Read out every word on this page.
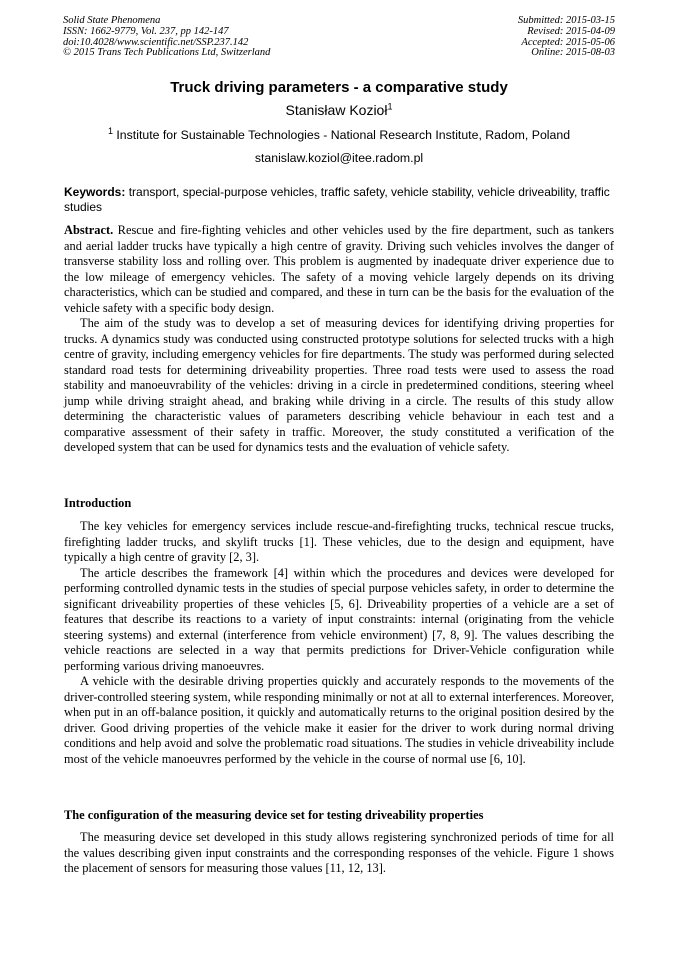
Solid State Phenomena
ISSN: 1662-9779, Vol. 237, pp 142-147
doi:10.4028/www.scientific.net/SSP.237.142
© 2015 Trans Tech Publications Ltd, Switzerland
Submitted: 2015-03-15
Revised: 2015-04-09
Accepted: 2015-05-06
Online: 2015-08-03
Truck driving parameters - a comparative study
Stanisław Kozioł$^1$
$^1$ Institute for Sustainable Technologies - National Research Institute, Radom, Poland
stanislaw.koziol@itee.radom.pl
Keywords: transport, special-purpose vehicles, traffic safety, vehicle stability, vehicle driveability, traffic studies

Abstract. Rescue and fire-fighting vehicles and other vehicles used by the fire department, such as tankers and aerial ladder trucks have typically a high centre of gravity. Driving such vehicles involves the danger of transverse stability loss and rolling over. This problem is augmented by inadequate driver experience due to the low mileage of emergency vehicles. The safety of a moving vehicle largely depends on its driving characteristics, which can be studied and compared, and these in turn can be the basis for the evaluation of the vehicle safety with a specific body design.

The aim of the study was to develop a set of measuring devices for identifying driving properties for trucks. A dynamics study was conducted using constructed prototype solutions for selected trucks with a high centre of gravity, including emergency vehicles for fire departments. The study was performed during selected standard road tests for determining driveability properties. Three road tests were used to assess the road stability and manoeuvrability of the vehicles: driving in a circle in predetermined conditions, steering wheel jump while driving straight ahead, and braking while driving in a circle. The results of this study allow determining the characteristic values of parameters describing vehicle behaviour in each test and a comparative assessment of their safety in traffic. Moreover, the study constituted a verification of the developed system that can be used for dynamics tests and the evaluation of vehicle safety.

Introduction

The key vehicles for emergency services include rescue-and-firefighting trucks, technical rescue trucks, firefighting ladder trucks, and skylift trucks [1]. These vehicles, due to the design and equipment, have typically a high centre of gravity [2, 3].

The article describes the framework [4] within which the procedures and devices were developed for performing controlled dynamic tests in the studies of special purpose vehicles safety, in order to determine the significant driveability properties of these vehicles [5, 6]. Driveability properties of a vehicle are a set of features that describe its reactions to a variety of input constraints: internal (originating from the vehicle steering systems) and external (interference from vehicle environment) [7, 8, 9]. The values describing the vehicle reactions are selected in a way that permits predictions for Driver-Vehicle configuration while performing various driving manoeuvres.

A vehicle with the desirable driving properties quickly and accurately responds to the movements of the driver-controlled steering system, while responding minimally or not at all to external interferences. Moreover, when put in an off-balance position, it quickly and automatically returns to the original position desired by the driver. Good driving properties of the vehicle make it easier for the driver to work during normal driving conditions and help avoid and solve the problematic road situations. The studies in vehicle driveability include most of the vehicle manoeuvres performed by the vehicle in the course of normal use [6, 10].

The configuration of the measuring device set for testing driveability properties

The measuring device set developed in this study allows registering synchronized periods of time for all the values describing given input constraints and the corresponding responses of the vehicle. Figure 1 shows the placement of sensors for measuring those values [11, 12, 13].
